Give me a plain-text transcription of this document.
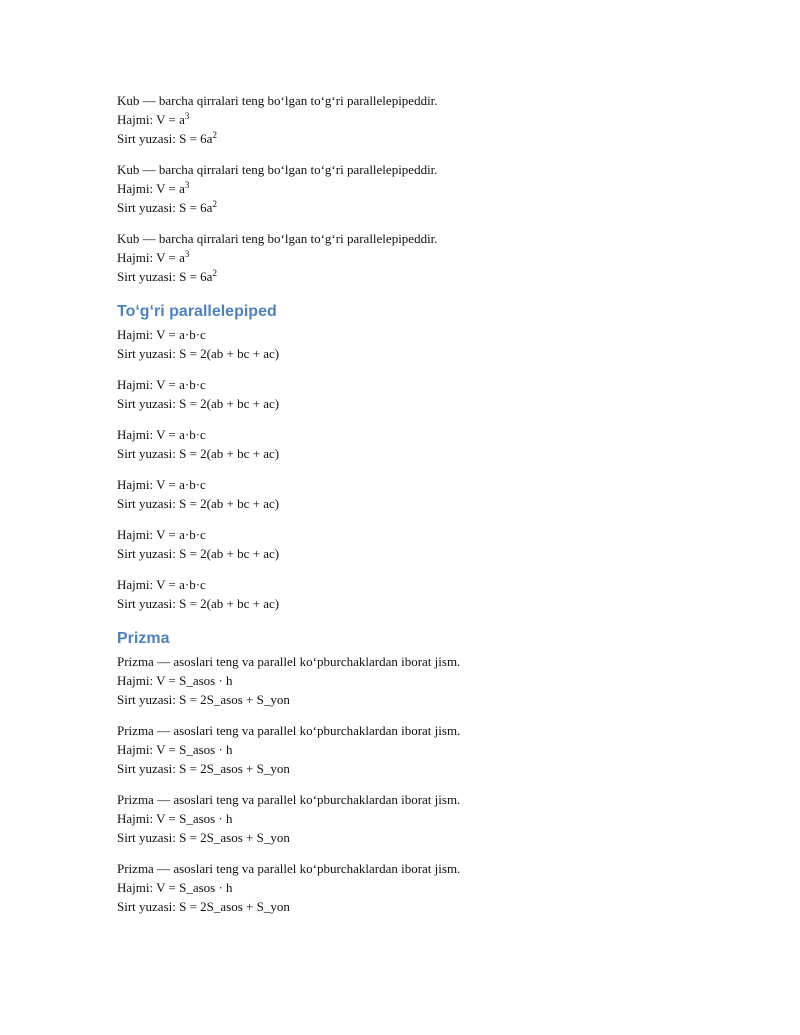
Kub — barcha qirralari teng bo‘lgan to‘g‘ri parallelepipeddir.
Hajmi: $V = a^3$
Sirt yuzasi: $S = 6a^2$
Kub — barcha qirralari teng bo‘lgan to‘g‘ri parallelepipeddir.
Hajmi: $V = a^3$
Sirt yuzasi: $S = 6a^2$
Kub — barcha qirralari teng bo‘lgan to‘g‘ri parallelepipeddir.
Hajmi: $V = a^3$
Sirt yuzasi: $S = 6a^2$
To‘g‘ri parallelepiped
Hajmi: V = a·b·c
Sirt yuzasi: S = 2(ab + bc + ac)
Hajmi: V = a·b·c
Sirt yuzasi: S = 2(ab + bc + ac)
Hajmi: V = a·b·c
Sirt yuzasi: S = 2(ab + bc + ac)
Hajmi: V = a·b·c
Sirt yuzasi: S = 2(ab + bc + ac)
Hajmi: V = a·b·c
Sirt yuzasi: S = 2(ab + bc + ac)
Hajmi: V = a·b·c
Sirt yuzasi: S = 2(ab + bc + ac)
Prizma
Prizma — asoslari teng va parallel ko‘pburchaklardan iborat jism.
Hajmi: V = S_asos · h
Sirt yuzasi: S = 2S_asos + S_yon
Prizma — asoslari teng va parallel ko‘pburchaklardan iborat jism.
Hajmi: V = S_asos · h
Sirt yuzasi: S = 2S_asos + S_yon
Prizma — asoslari teng va parallel ko‘pburchaklardan iborat jism.
Hajmi: V = S_asos · h
Sirt yuzasi: S = 2S_asos + S_yon
Prizma — asoslari teng va parallel ko‘pburchaklardan iborat jism.
Hajmi: V = S_asos · h
Sirt yuzasi: S = 2S_asos + S_yon
